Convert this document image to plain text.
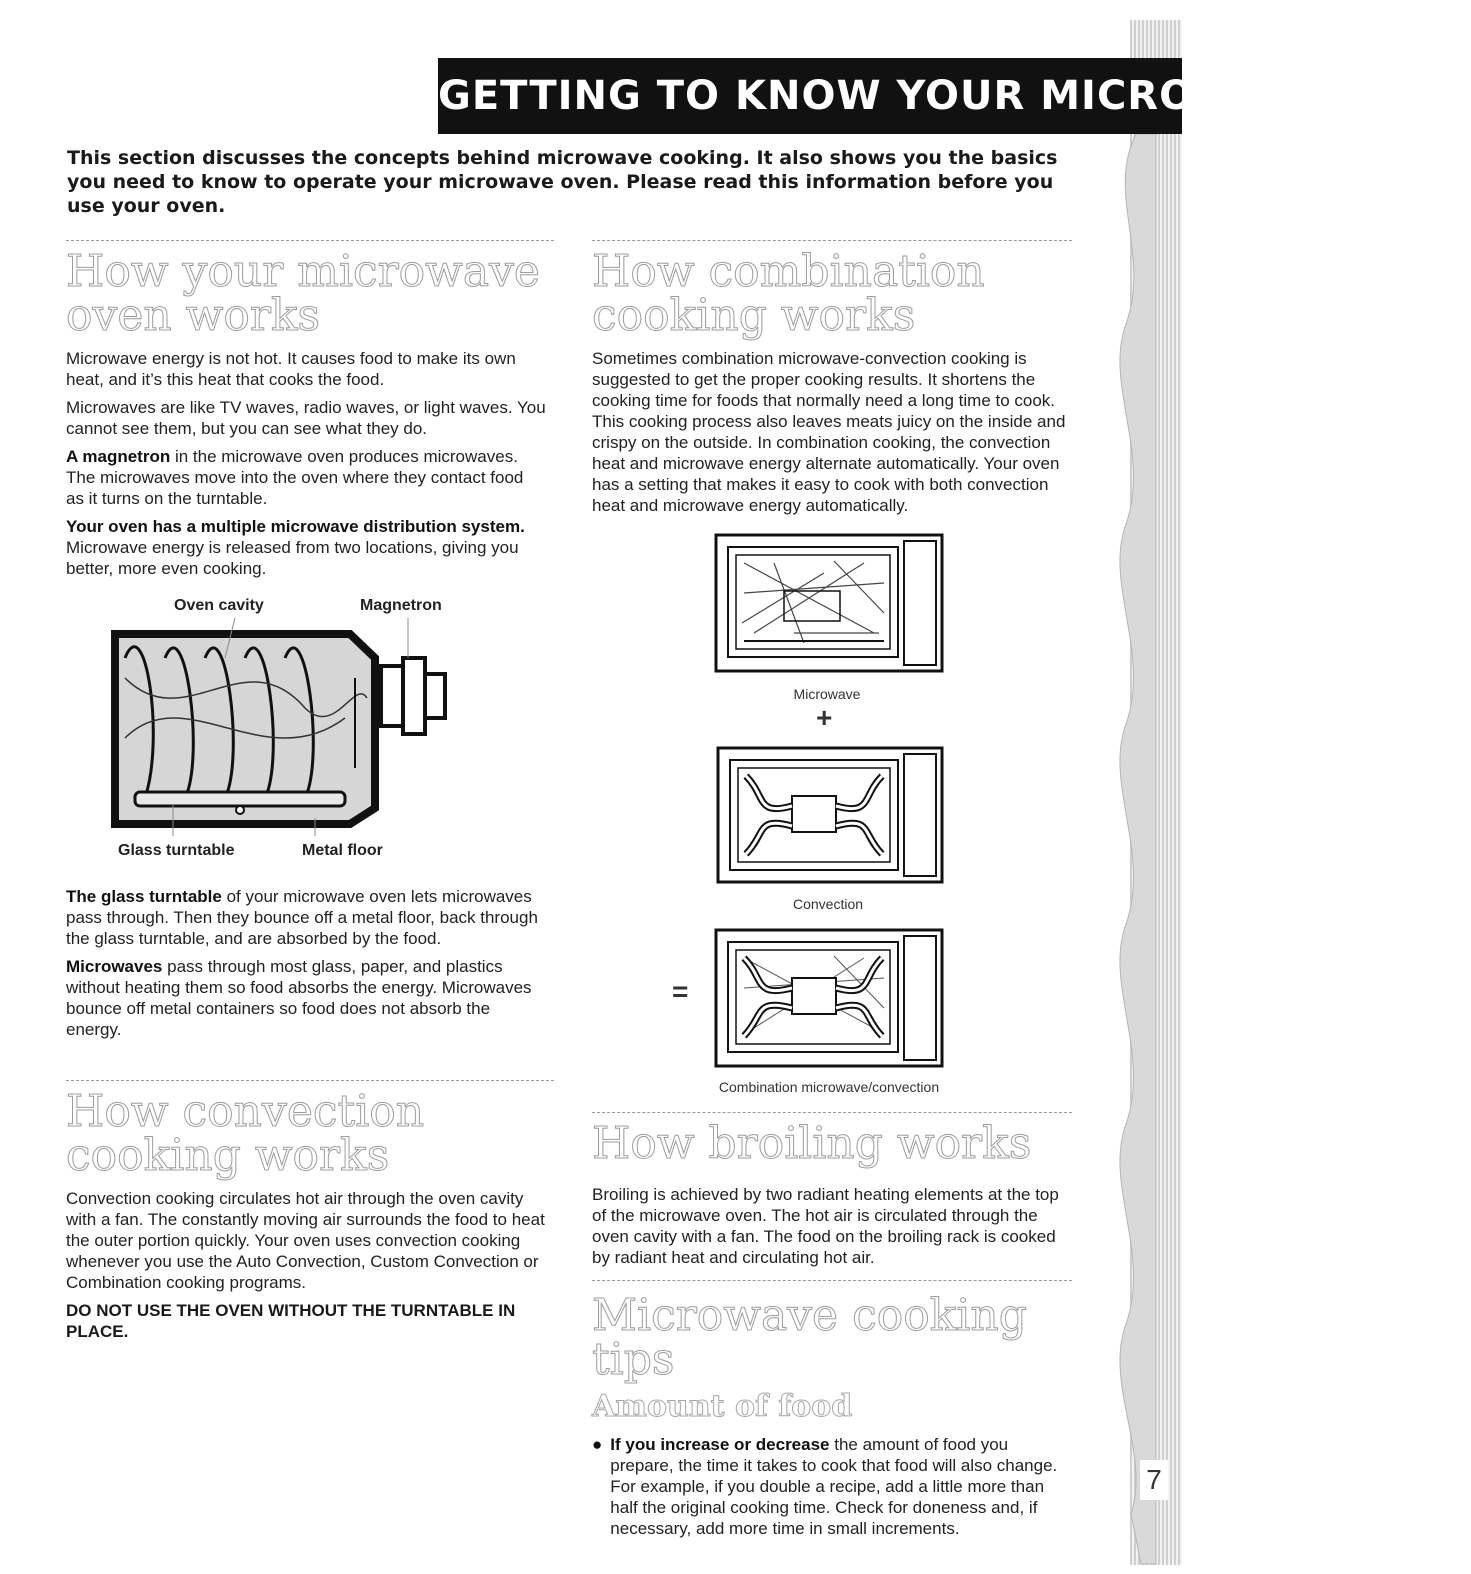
7
GETTING TO KNOW YOUR MICROWAVE OVEN
This section discusses the concepts behind microwave cooking. It also shows you the basics you need to know to operate your microwave oven. Please read this information before you use your oven.
How your microwave oven works

Microwave energy is not hot. It causes food to make its own heat, and it’s this heat that cooks the food.

Microwaves are like TV waves, radio waves, or light waves. You cannot see them, but you can see what they do.

A magnetron in the microwave oven produces microwaves. The microwaves move into the oven where they contact food as it turns on the turntable.

Your oven has a multiple microwave distribution system. Microwave energy is released from two locations, giving you better, more even cooking.

Oven cavity	Magnetron
Glass turntable	Metal floor

The glass turntable of your microwave oven lets microwaves pass through. Then they bounce off a metal floor, back through the glass turntable, and are absorbed by the food.

Microwaves pass through most glass, paper, and plastics without heating them so food absorbs the energy. Microwaves bounce off metal containers so food does not absorb the energy.

How convection cooking works

Convection cooking circulates hot air through the oven cavity with a fan. The constantly moving air surrounds the food to heat the outer portion quickly. Your oven uses convection cooking whenever you use the Auto Convection, Custom Convection or Combination cooking programs.

DO NOT USE THE OVEN WITHOUT THE TURNTABLE IN PLACE.

How combination cooking works

Sometimes combination microwave-convection cooking is suggested to get the proper cooking results. It shortens the cooking time for foods that normally need a long time to cook. This cooking process also leaves meats juicy on the inside and crispy on the outside. In combination cooking, the convection heat and microwave energy alternate automatically. Your oven has a setting that makes it easy to cook with both convection heat and microwave energy automatically.

Microwave
+
Convection
=
Combination microwave/convection
How broiling works

Broiling is achieved by two radiant heating elements at the top of the microwave oven. The hot air is circulated through the oven cavity with a fan. The food on the broiling rack is cooked by radiant heat and circulating hot air.

Microwave cooking tips
Amount of food
● If you increase or decrease the amount of food you prepare, the time it takes to cook that food will also change. For example, if you double a recipe, add a little more than half the original cooking time. Check for doneness and, if necessary, add more time in small increments.
